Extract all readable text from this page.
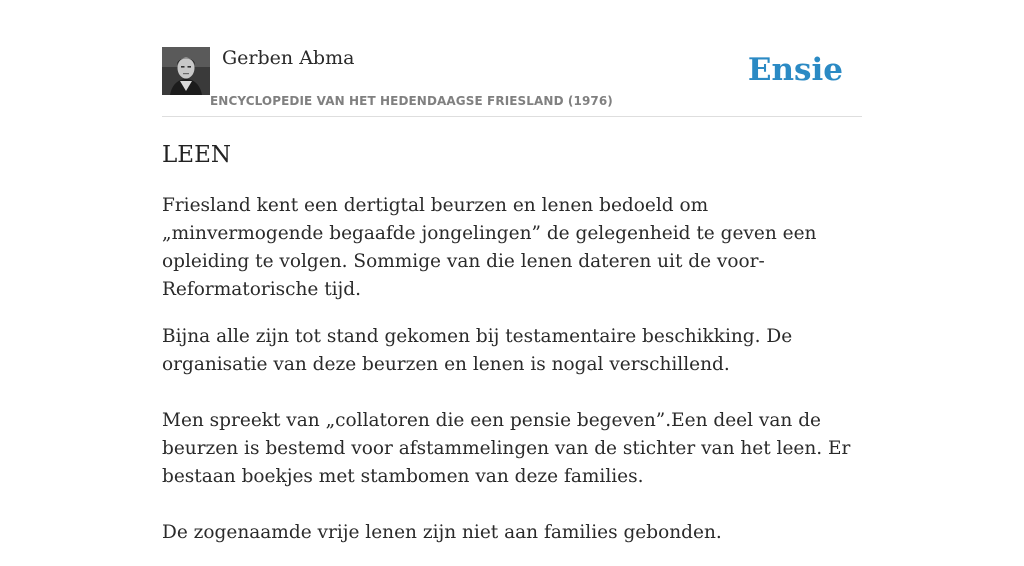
Gerben Abma
ENCYCLOPEDIE VAN HET HEDENDAAGSE FRIESLAND (1976)
Ensie
LEEN

Friesland kent een dertigtal beurzen en lenen bedoeld om „minvermogende begaafde jongelingen” de gelegenheid te geven een opleiding te volgen. Sommige van die lenen dateren uit de voor-Reformatorische tijd.

Bijna alle zijn tot stand gekomen bij testamentaire beschikking. De organisatie van deze beurzen en lenen is nogal verschillend.

Men spreekt van „collatoren die een pensie begeven”.Een deel van de beurzen is bestemd voor afstammelingen van de stichter van het leen. Er bestaan boekjes met stambomen van deze families.

De zogenaamde vrije lenen zijn niet aan families gebonden.
